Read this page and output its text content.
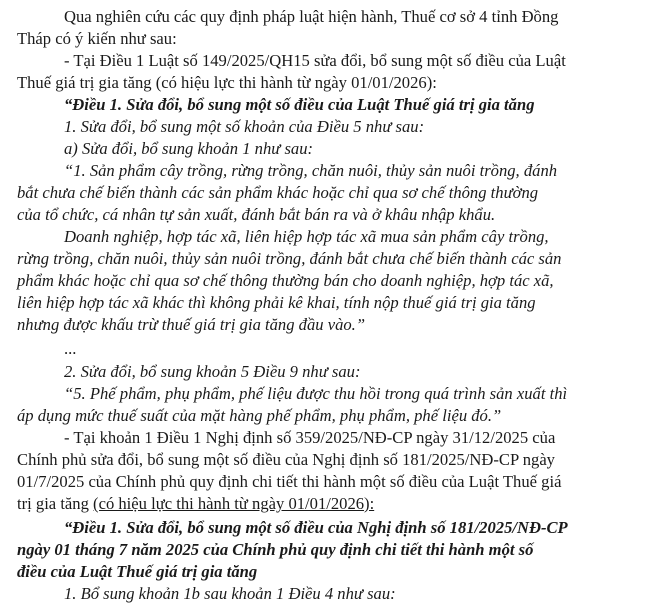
Qua nghiên cứu các quy định pháp luật hiện hành, Thuế cơ sở 4 tỉnh Đồng

Tháp có ý kiến như sau:

- Tại Điều 1 Luật số 149/2025/QH15 sửa đổi, bổ sung một số điều của Luật

Thuế giá trị gia tăng (có hiệu lực thi hành từ ngày 01/01/2026):

“Điều 1. Sửa đổi, bổ sung một số điều của Luật Thuế giá trị gia tăng

1. Sửa đổi, bổ sung một số khoản của Điều 5 như sau:

a) Sửa đổi, bổ sung khoản 1 như sau:

“1. Sản phẩm cây trồng, rừng trồng, chăn nuôi, thủy sản nuôi trồng, đánh

bắt chưa chế biến thành các sản phẩm khác hoặc chỉ qua sơ chế thông thường

của tổ chức, cá nhân tự sản xuất, đánh bắt bán ra và ở khâu nhập khẩu.

Doanh nghiệp, hợp tác xã, liên hiệp hợp tác xã mua sản phẩm cây trồng,

rừng trồng, chăn nuôi, thủy sản nuôi trồng, đánh bắt chưa chế biến thành các sản

phẩm khác hoặc chỉ qua sơ chế thông thường bán cho doanh nghiệp, hợp tác xã,

liên hiệp hợp tác xã khác thì không phải kê khai, tính nộp thuế giá trị gia tăng

nhưng được khấu trừ thuế giá trị gia tăng đầu vào.”

...

2. Sửa đổi, bổ sung khoản 5 Điều 9 như sau:

“5. Phế phẩm, phụ phẩm, phế liệu được thu hồi trong quá trình sản xuất thì

áp dụng mức thuế suất của mặt hàng phế phẩm, phụ phẩm, phế liệu đó.”

- Tại khoản 1 Điều 1 Nghị định số 359/2025/NĐ-CP ngày 31/12/2025 của

Chính phủ sửa đổi, bổ sung một số điều của Nghị định số 181/2025/NĐ-CP ngày

01/7/2025 của Chính phủ quy định chi tiết thi hành một số điều của Luật Thuế giá

trị gia tăng (có hiệu lực thi hành từ ngày 01/01/2026):

“Điều 1. Sửa đổi, bổ sung một số điều của Nghị định số 181/2025/NĐ-CP

ngày 01 tháng 7 năm 2025 của Chính phủ quy định chi tiết thi hành một số

điều của Luật Thuế giá trị gia tăng

1. Bổ sung khoản 1b sau khoản 1 Điều 4 như sau:
